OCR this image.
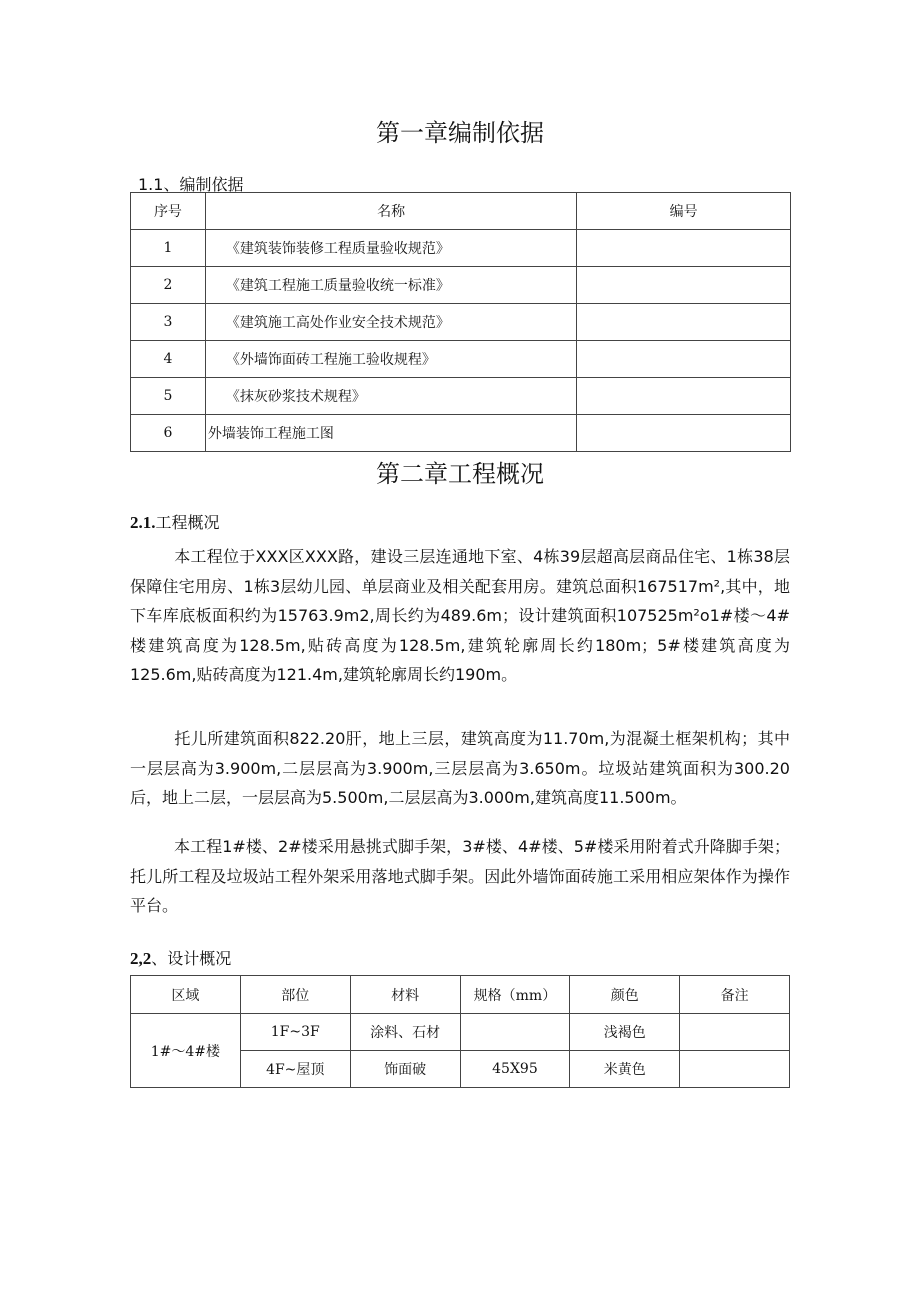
第一章编制依据
1.1、编制依据
序号	名称	编号
1	《建筑装饰装修工程质量验收规范》	
2	《建筑工程施工质量验收统一标准》	
3	《建筑施工高处作业安全技术规范》	
4	《外墙饰面砖工程施工验收规程》	
5	《抹灰砂浆技术规程》	
6	外墙装饰工程施工图	
第二章工程概况
2.1.工程概况
本工程位于XXX区XXX路，建设三层连通地下室、4栋39层超高层商品住宅、1栋38层保障住宅用房、1栋3层幼儿园、单层商业及相关配套用房。建筑总面积167517m²,其中，地下车库底板面积约为15763.9m2,周长约为489.6m；设计建筑面积107525m²o1#楼～4#楼建筑高度为128.5m,贴砖高度为128.5m,建筑轮廓周长约180m；5#楼建筑高度为125.6m,贴砖高度为121.4m,建筑轮廓周长约190m。
托儿所建筑面积822.20肝，地上三层，建筑高度为11.70m,为混凝土框架机构；其中一层层高为3.900m,二层层高为3.900m,三层层高为3.650m。垃圾站建筑面积为300.20后，地上二层，一层层高为5.500m,二层层高为3.000m,建筑高度11.500m。
本工程1#楼、2#楼采用悬挑式脚手架，3#楼、4#楼、5#楼采用附着式升降脚手架；托儿所工程及垃圾站工程外架采用落地式脚手架。因此外墙饰面砖施工采用相应架体作为操作平台。
2,2、设计概况
区域	部位	材料	规格（mm）	颜色	备注
1#～4#楼	1F~3F	涂料、石材		浅褐色	
	4F~屋顶	饰面破	45X95	米黄色	
